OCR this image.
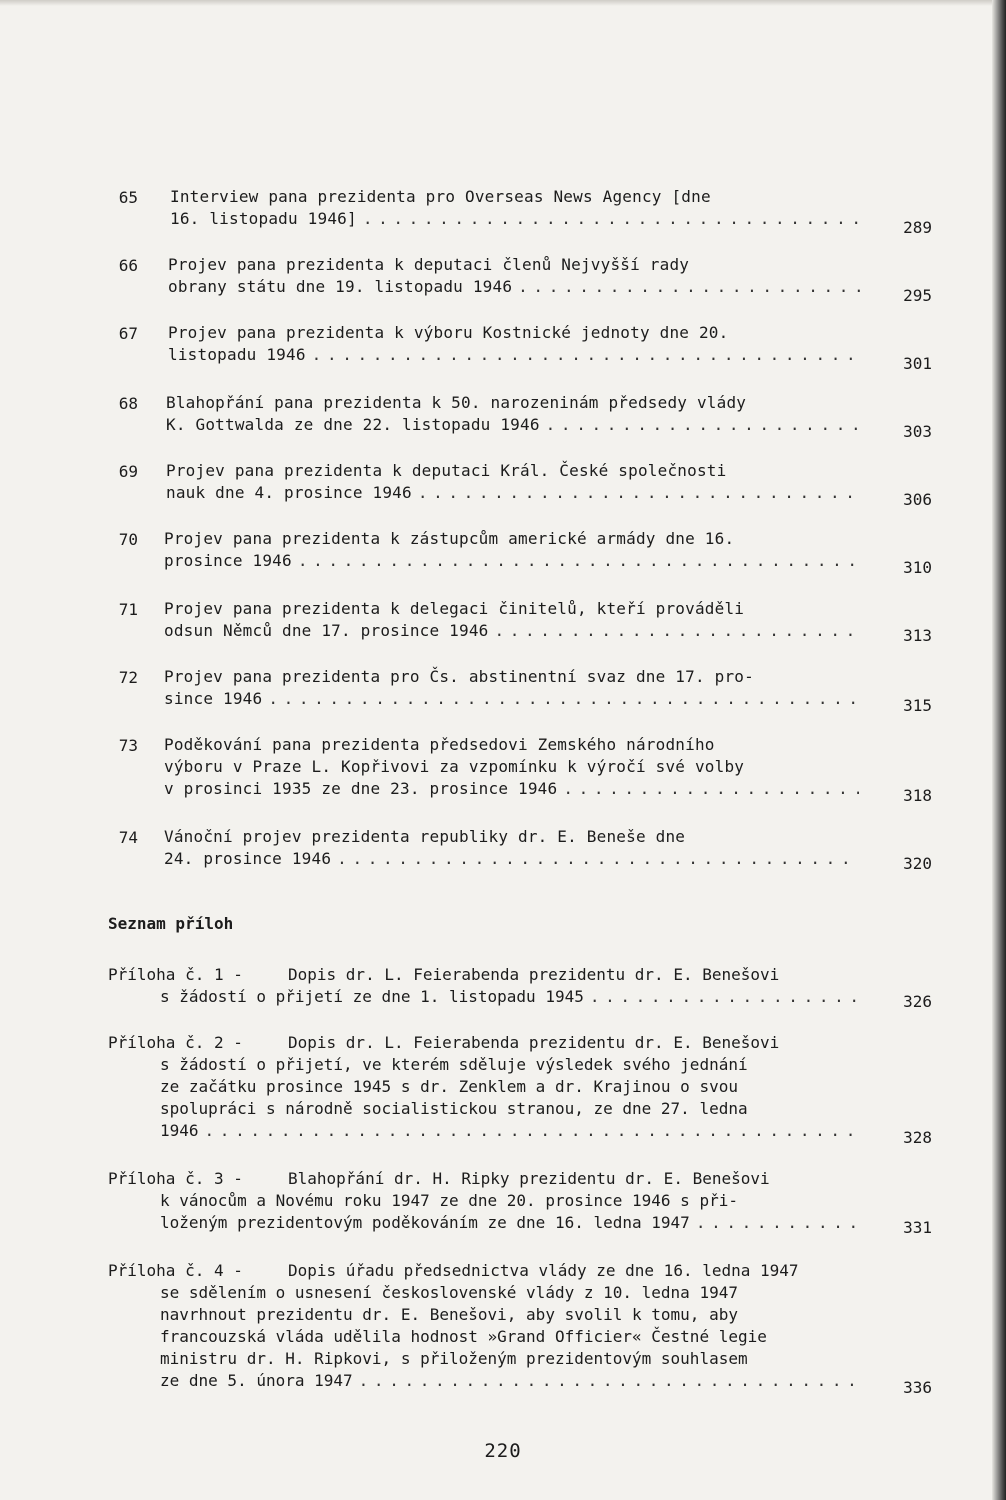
65 Interview pana prezidenta pro Overseas News Agency [dne
16. listopadu 1946] . . .	289
66 Projev pana prezidenta k deputaci členů Nejvyšší rady
obrany státu dne 19. listopadu 1946 . . .	295
67 Projev pana prezidenta k výboru Kostnické jednoty dne 20.
listopadu 1946 . . .	301
68 Blahopřání pana prezidenta k 50. narozeninám předsedy vlády
K. Gottwalda ze dne 22. listopadu 1946 . . .	303
69 Projev pana prezidenta k deputaci Král. České společnosti
nauk dne 4. prosince 1946 . . .	306
70 Projev pana prezidenta k zástupcům americké armády dne 16.
prosince 1946 . . .	310
71 Projev pana prezidenta k delegaci činitelů, kteří prováděli
odsun Němců dne 17. prosince 1946 . . .	313
72 Projev pana prezidenta pro Čs. abstinentní svaz dne 17. pro-
since 1946 . . .	315
73 Poděkování pana prezidenta předsedovi Zemského národního
výboru v Praze L. Kopřivovi za vzpomínku k výročí své volby
v prosinci 1935 ze dne 23. prosince 1946 . . .	318
74 Vánoční projev prezidenta republiky dr. E. Beneše dne
24. prosince 1946 . . .	320
Seznam příloh
Příloha č. 1 -	Dopis dr. L. Feierabenda prezidentu dr. E. Benešovi
s žádostí o přijetí ze dne 1. listopadu 1945 . . .	326
Příloha č. 2 -	Dopis dr. L. Feierabenda prezidentu dr. E. Benešovi
s žádostí o přijetí, ve kterém sděluje výsledek svého jednání
ze začátku prosince 1945 s dr. Zenklem a dr. Krajinou o svou
spolupráci s národně socialistickou stranou, ze dne 27. ledna
1946 . . .	328
Příloha č. 3 -	Blahopřání dr. H. Ripky prezidentu dr. E. Benešovi
k vánocům a Novému roku 1947 ze dne 20. prosince 1946 s při-
loženým prezidentovým poděkováním ze dne 16. ledna 1947 . . .	331
Příloha č. 4 -	Dopis úřadu předsednictva vlády ze dne 16. ledna 1947
se sdělením o usnesení československé vlády z 10. ledna 1947
navrhnout prezidentu dr. E. Benešovi, aby svolil k tomu, aby
francouzská vláda udělila hodnost »Grand Officier« Čestné legie
ministru dr. H. Ripkovi, s přiloženým prezidentovým souhlasem
ze dne 5. února 1947 . . .	336
220
